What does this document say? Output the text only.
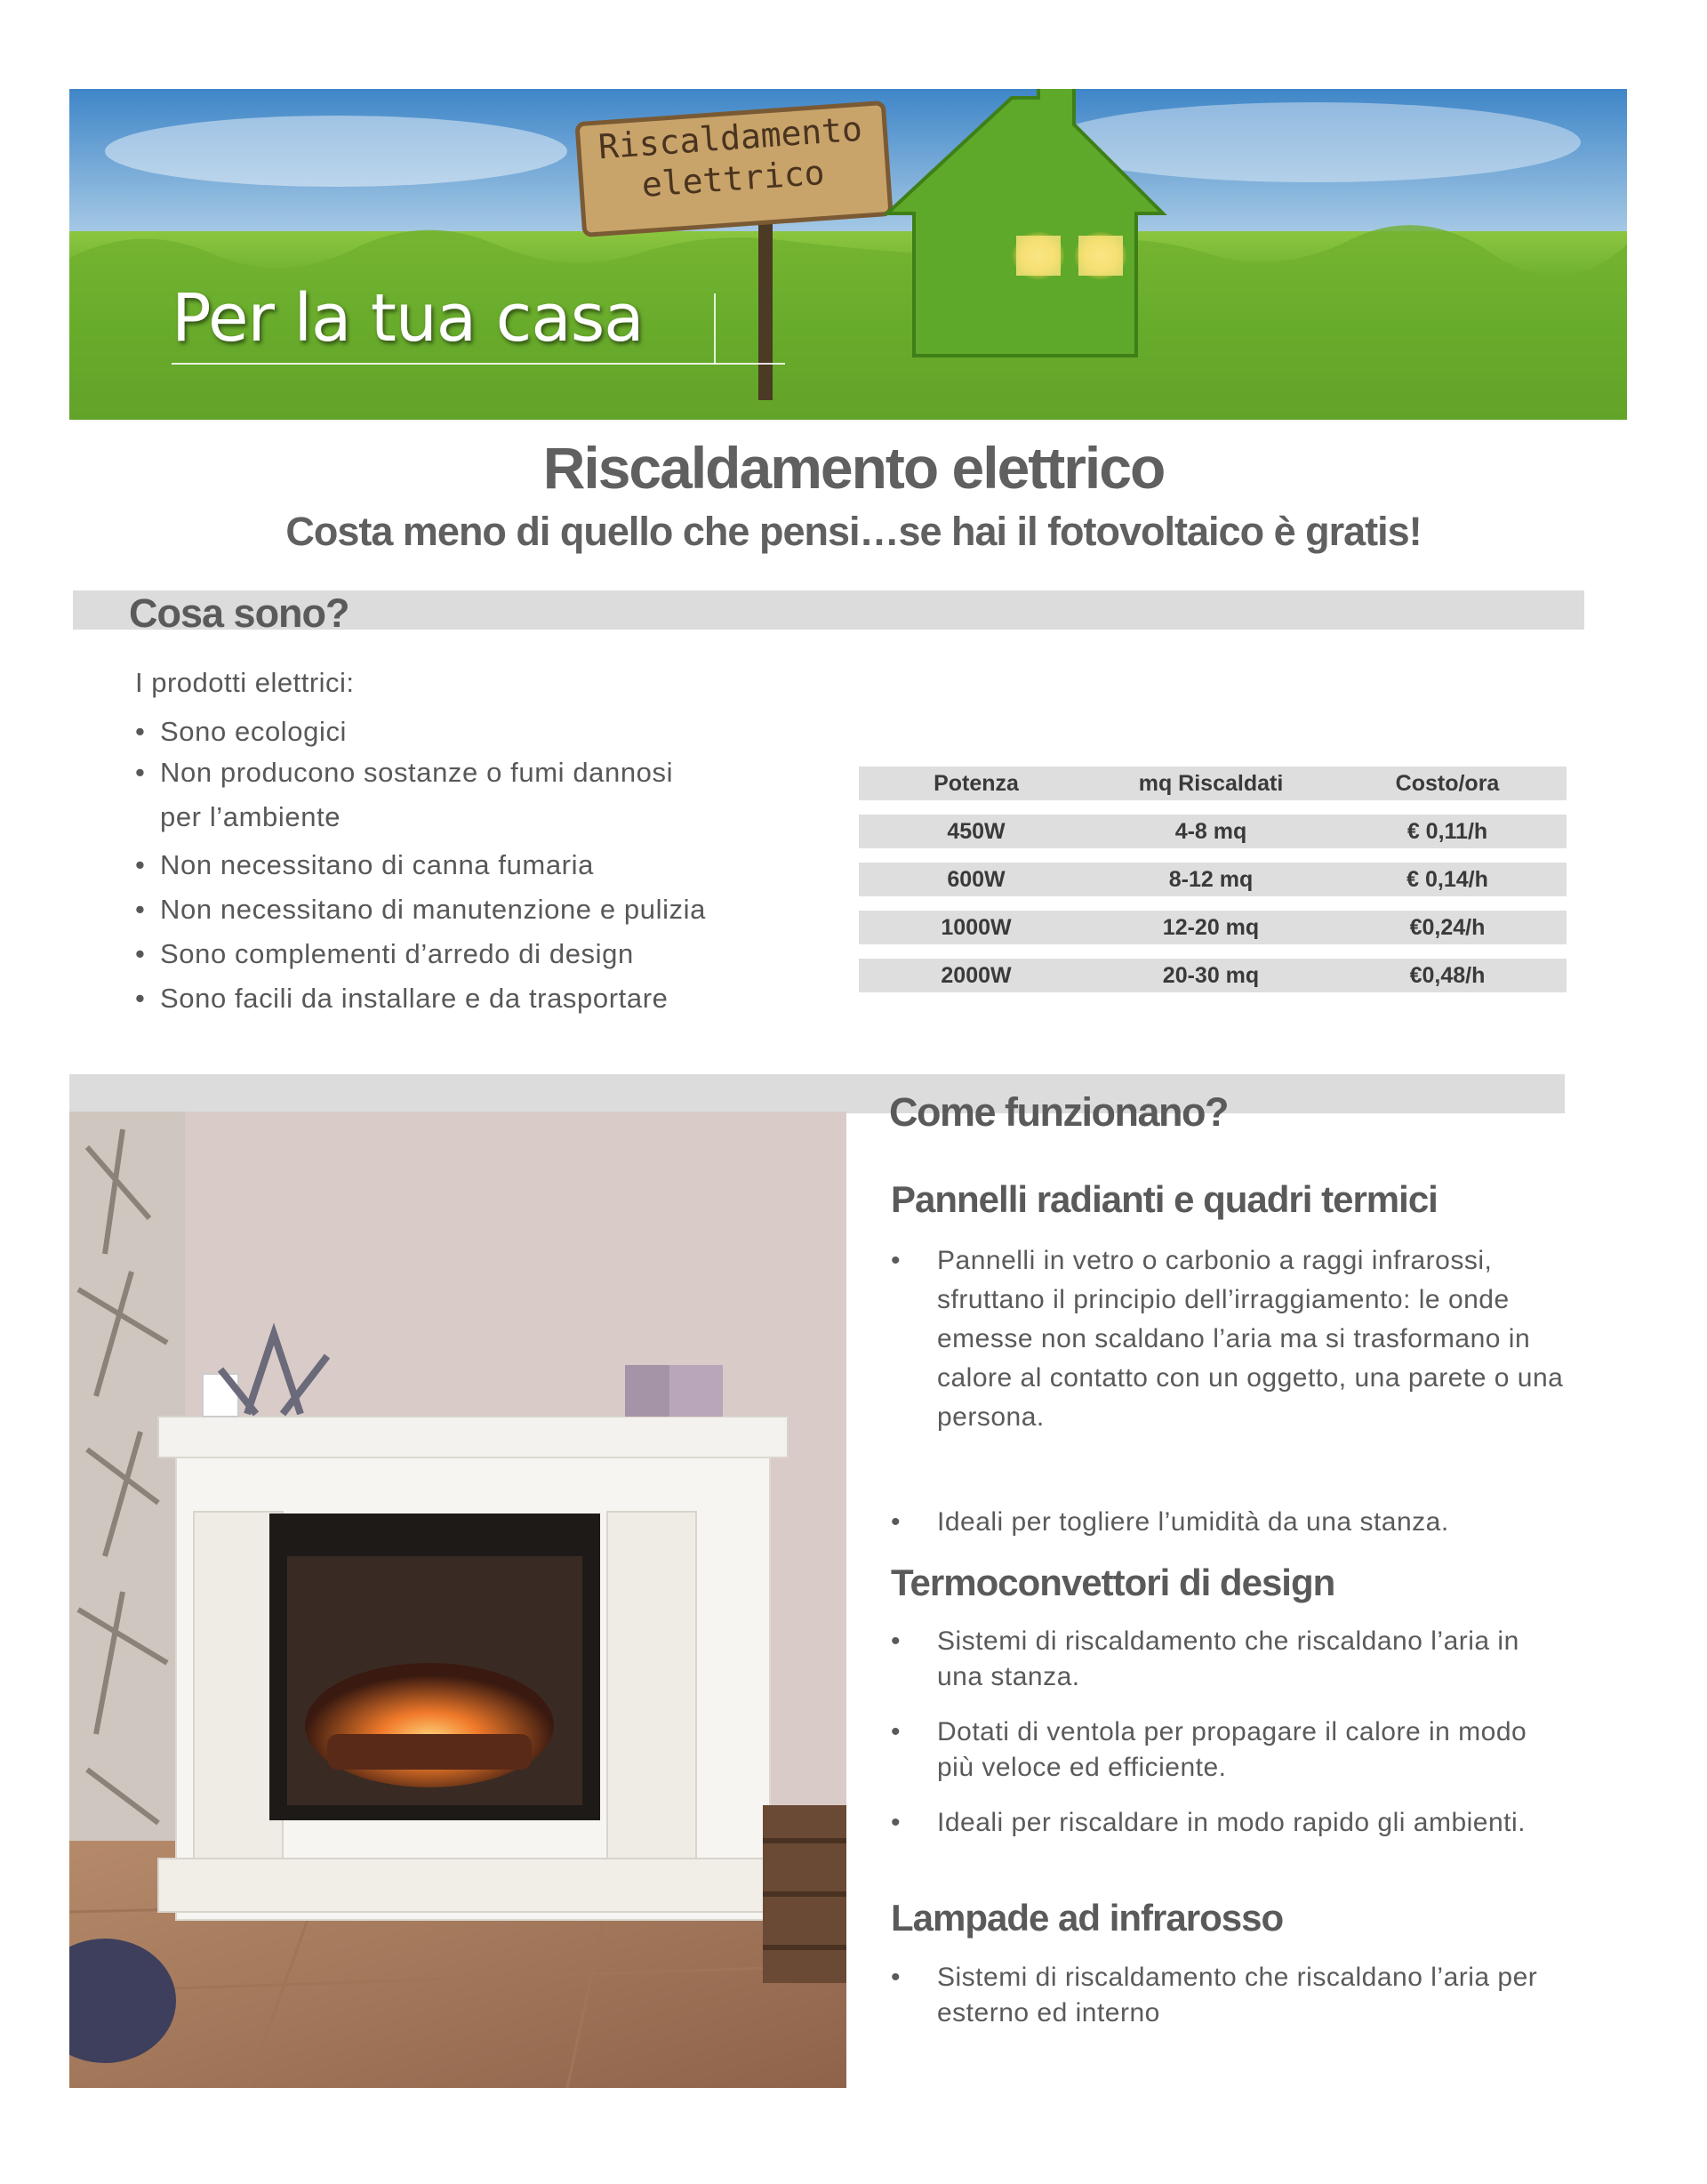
Riscaldamento
elettrico
Per la tua casa
Riscaldamento elettrico
Costa meno di quello che pensi…se hai il fotovoltaico è gratis!
Cosa sono?
I prodotti elettrici:
• Sono ecologici
• Non producono sostanze o fumi dannosi
per l’ambiente
• Non necessitano di canna fumaria
• Non necessitano di manutenzione e pulizia
• Sono complementi d’arredo di design
• Sono facili da installare e da trasportare
Potenza	mq Riscaldati	Costo/ora
450W	4-8 mq	€ 0,11/h
600W	8-12 mq	€ 0,14/h
1000W	12-20 mq	€0,24/h
2000W	20-30 mq	€0,48/h
Come funzionano?
Pannelli radianti e quadri termici
• Pannelli in vetro o carbonio a raggi infrarossi, sfruttano il principio dell’irraggiamento: le onde emesse non scaldano l’aria ma si trasformano in calore al contatto con un oggetto, una parete o una persona.
• Ideali per togliere l’umidità da una stanza.
Termoconvettori di design
• Sistemi di riscaldamento che riscaldano l’aria in una stanza.
• Dotati di ventola per propagare il calore in modo più veloce ed efficiente.
• Ideali per riscaldare in modo rapido gli ambienti.
Lampade ad infrarosso
• Sistemi di riscaldamento che riscaldano l’aria per esterno ed interno
